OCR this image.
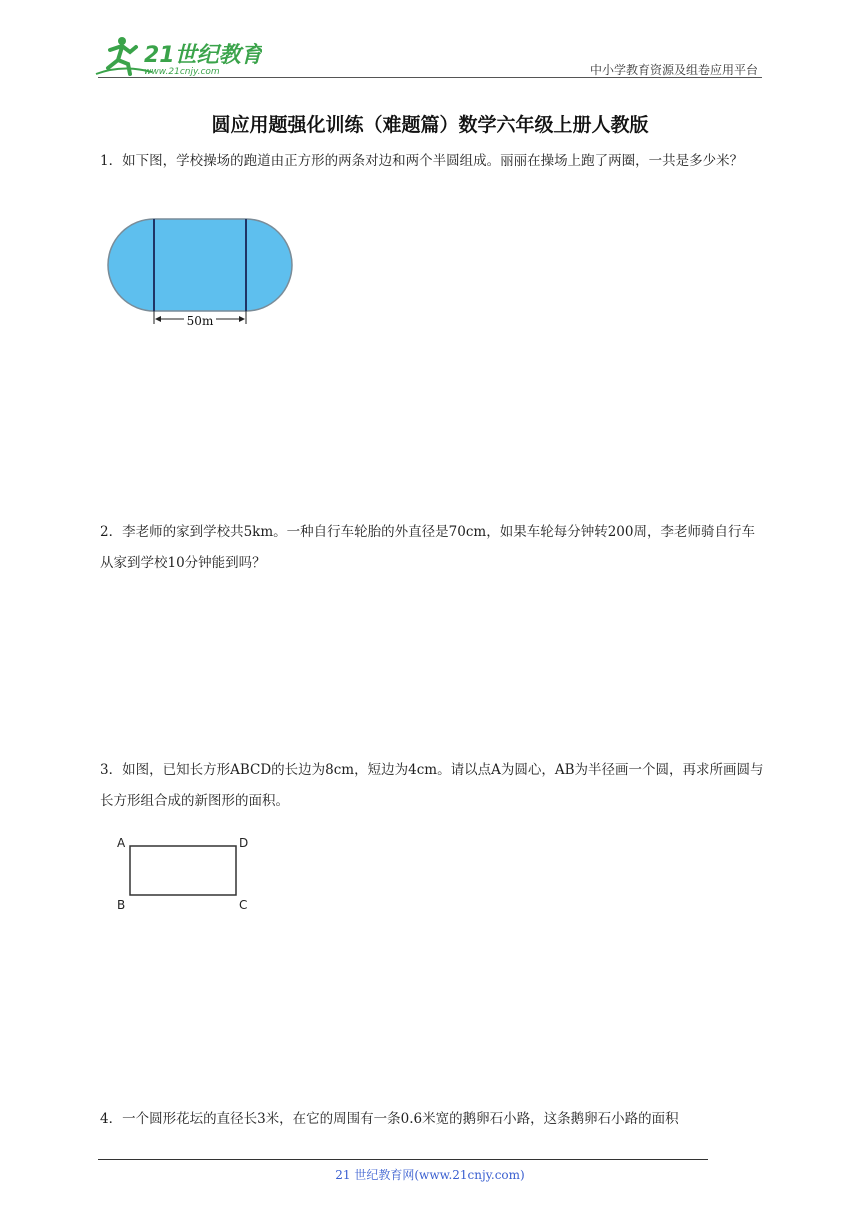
21世纪教育
www.21cnjy.com	中小学教育资源及组卷应用平台
圆应用题强化训练（难题篇）数学六年级上册人教版
1．如下图，学校操场的跑道由正方形的两条对边和两个半圆组成。丽丽在操场上跑了两圈，一共是多少米？
50m
2．李老师的家到学校共5km。一种自行车轮胎的外直径是70cm，如果车轮每分钟转200周，李老师骑自行车从家到学校10分钟能到吗？
3．如图，已知长方形ABCD的长边为8cm，短边为4cm。请以点A为圆心，AB为半径画一个圆，再求所画圆与长方形组合成的新图形的面积。
A	D
B	C
4．一个圆形花坛的直径长3米，在它的周围有一条0.6米宽的鹅卵石小路，这条鹅卵石小路的面积
21 世纪教育网(www.21cnjy.com)
